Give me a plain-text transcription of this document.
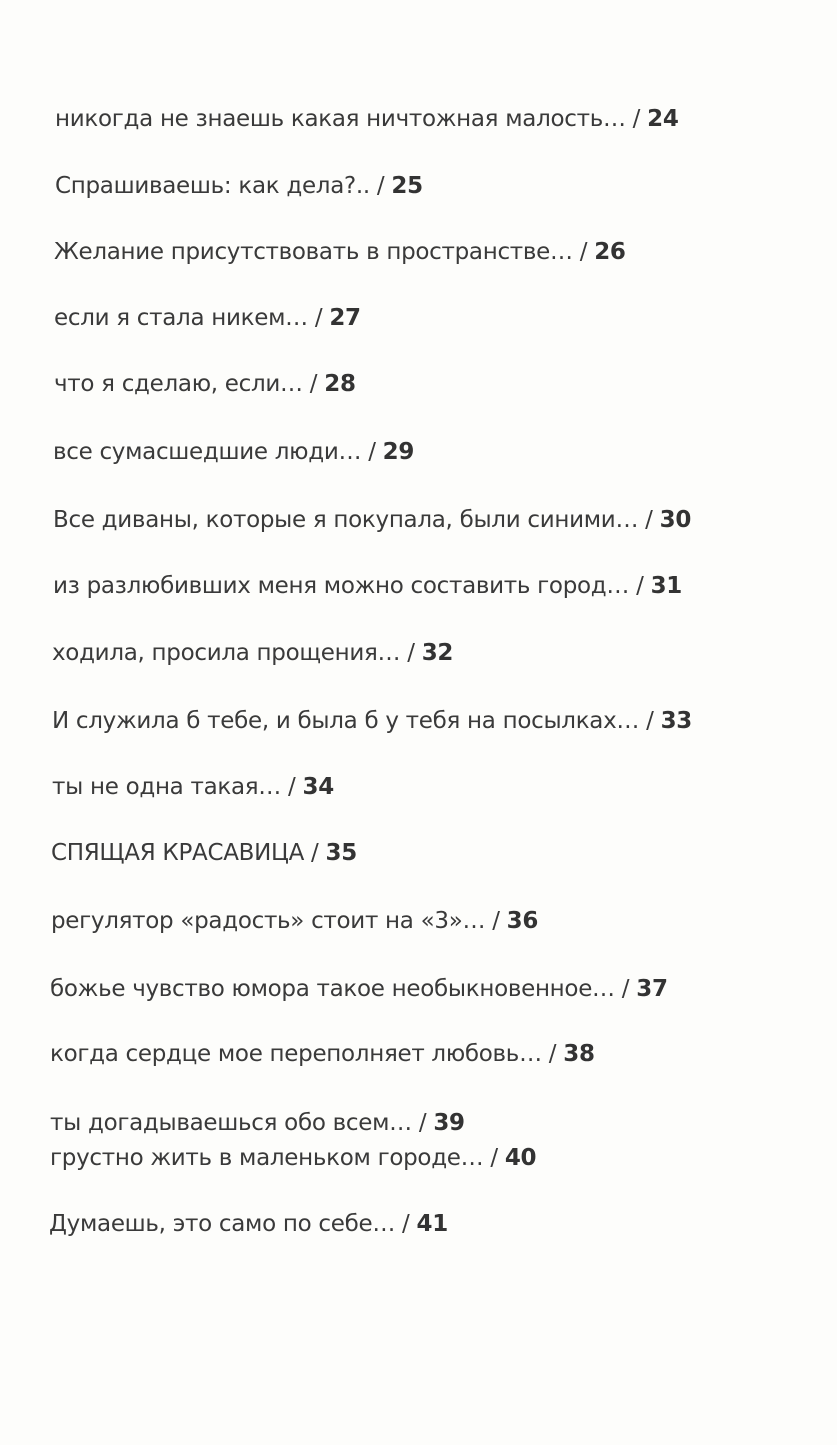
никогда не знаешь какая ничтожная малость… / 24
Спрашиваешь: как дела?.. / 25
Желание присутствовать в пространстве… / 26
если я стала никем… / 27
что я сделаю, если… / 28
все сумасшедшие люди… / 29
Все диваны, которые я покупала, были синими… / 30
из разлюбивших меня можно составить город… / 31
ходила, просила прощения… / 32
И служила б тебе, и была б у тебя на посылках… / 33
ты не одна такая… / 34
СПЯЩАЯ КРАСАВИЦА / 35
регулятор «радость» стоит на «3»… / 36
божье чувство юмора такое необыкновенное… / 37
когда сердце мое переполняет любовь… / 38
ты догадываешься обо всем… / 39
грустно жить в маленьком городе… / 40
Думаешь, это само по себе… / 41
